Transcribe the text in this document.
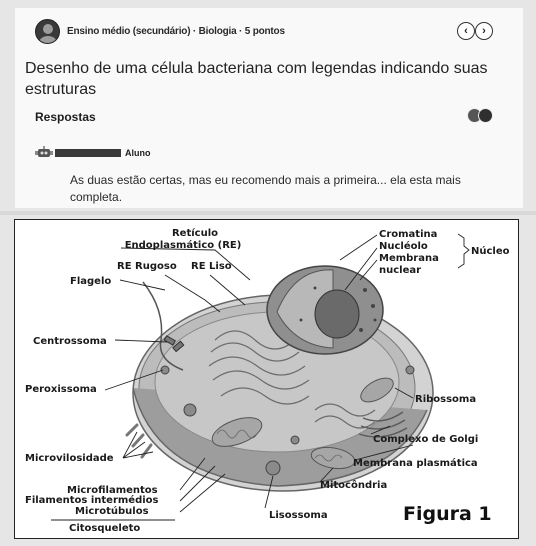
Ensino médio (secundário) · Biologia · 5 pontos	‹ ›
Desenho de uma célula bacteriana com legendas indicando suas estruturas
Respostas
Aluno
As duas estão certas, mas eu recomendo mais a primeira... ela esta mais completa.
Retículo
Endoplasmático (RE)
RE Rugoso RE Liso
Flagelo
Centrossoma
Peroxissoma
Microvilosidade
Microfilamentos
Filamentos intermédios
Microtúbulos
Citosqueleto
Lisossoma
Mitocôndria
Membrana plasmática
Complexo de Golgi
Ribossoma
Cromatina
Nucléolo
Membrana
nuclear
Núcleo
Figura 1
